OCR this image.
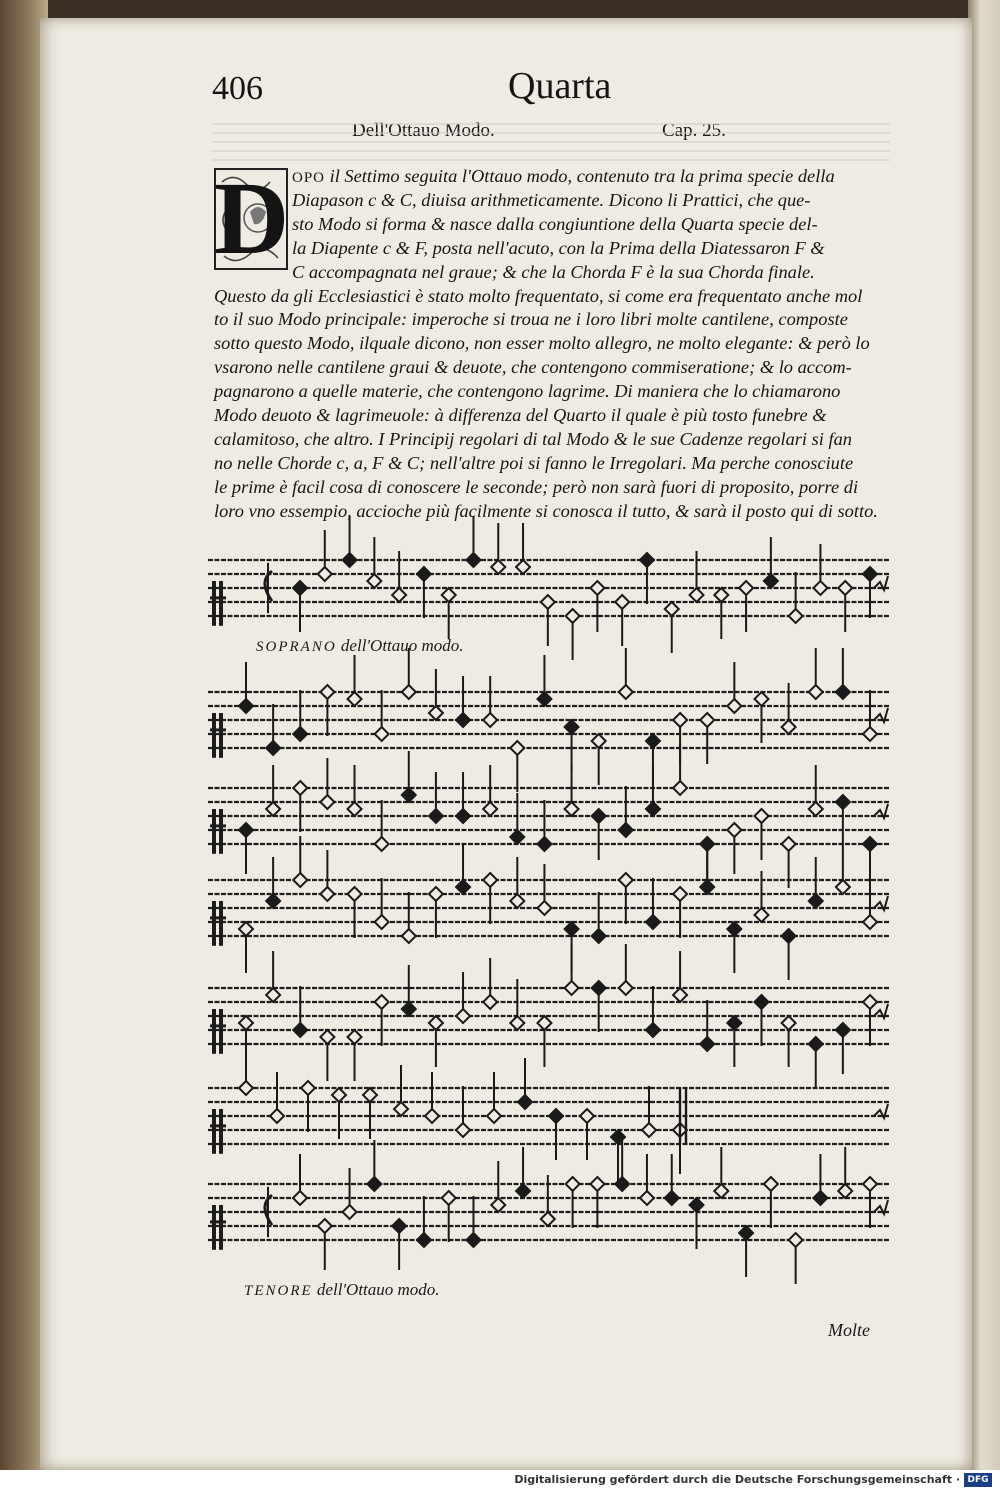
406	Quarta
Dell'Ottauo Modo.	Cap. 25.
D OPO il Settimo seguita l'Ottauo modo, contenuto tra la prima specie della
Diapason c & C, diuisa arithmeticamente. Dicono li Prattici, che que-
sto Modo si forma & nasce dalla congiuntione della Quarta specie del-
la Diapente c & F, posta nell'acuto, con la Prima della Diatessaron F &
C accompagnata nel graue; & che la Chorda F è la sua Chorda finale.
Questo da gli Ecclesiastici è stato molto frequentato, si come era frequentato anche mol
to il suo Modo principale: imperoche si troua ne i loro libri molte cantilene, composte
sotto questo Modo, ilquale dicono, non esser molto allegro, ne molto elegante: & però lo
vsarono nelle cantilene graui & deuote, che contengono commiseratione; & lo accom-
pagnarono a quelle materie, che contengono lagrime. Di maniera che lo chiamarono
Modo deuoto & lagrimeuole: à differenza del Quarto il quale è più tosto funebre &
calamitoso, che altro. I Principij regolari di tal Modo & le sue Cadenze regolari si fan
no nelle Chorde c, a, F & C; nell'altre poi si fanno le Irregolari. Ma perche conosciute
le prime è facil cosa di conoscere le seconde; però non sarà fuori di proposito, porre di
loro vno essempio, accioche più facilmente si conosca il tutto, & sarà il posto qui di sotto.
SOPRANO dell'Ottauo modo.
TENORE dell'Ottauo modo.
Molte
Digitalisierung gefördert durch die Deutsche Forschungsgemeinschaft · DFG
